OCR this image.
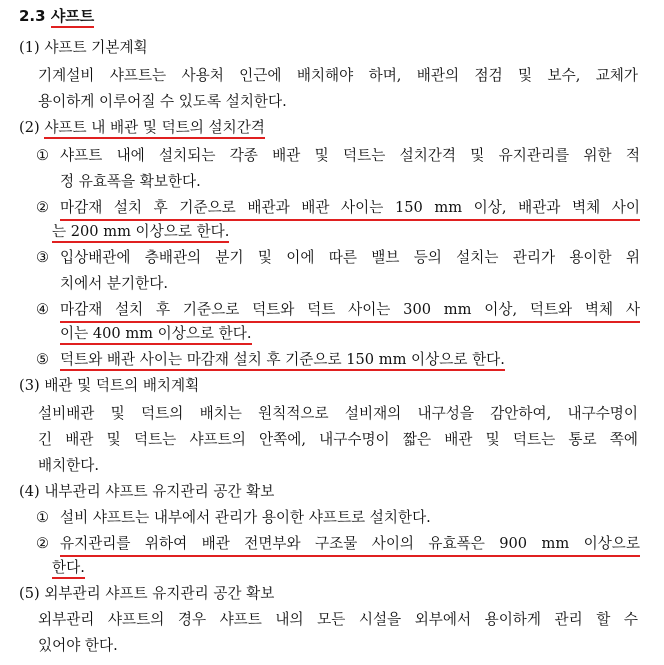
2.3 샤프트
(1) 샤프트 기본계획
기계설비 샤프트는 사용처 인근에 배치해야 하며, 배관의 점검 및 보수, 교체가
용이하게 이루어질 수 있도록 설치한다.
(2) 샤프트 내 배관 및 덕트의 설치간격
① 샤프트 내에 설치되는 각종 배관 및 덕트는 설치간격 및 유지관리를 위한 적
정 유효폭을 확보한다.
② 마감재 설치 후 기준으로 배관과 배관 사이는 150 mm 이상, 배관과 벽체 사이
는 200 mm 이상으로 한다.
③ 입상배관에 층배관의 분기 및 이에 따른 밸브 등의 설치는 관리가 용이한 위
치에서 분기한다.
④ 마감재 설치 후 기준으로 덕트와 덕트 사이는 300 mm 이상, 덕트와 벽체 사
이는 400 mm 이상으로 한다.
⑤ 덕트와 배관 사이는 마감재 설치 후 기준으로 150 mm 이상으로 한다.
(3) 배관 및 덕트의 배치계획
설비배관 및 덕트의 배치는 원칙적으로 설비재의 내구성을 감안하여, 내구수명이
긴 배관 및 덕트는 샤프트의 안쪽에, 내구수명이 짧은 배관 및 덕트는 통로 쪽에
배치한다.
(4) 내부관리 샤프트 유지관리 공간 확보
① 설비 샤프트는 내부에서 관리가 용이한 샤프트로 설치한다.
② 유지관리를 위하여 배관 전면부와 구조물 사이의 유효폭은 900 mm 이상으로
한다.
(5) 외부관리 샤프트 유지관리 공간 확보
외부관리 샤프트의 경우 샤프트 내의 모든 시설을 외부에서 용이하게 관리 할 수
있어야 한다.
